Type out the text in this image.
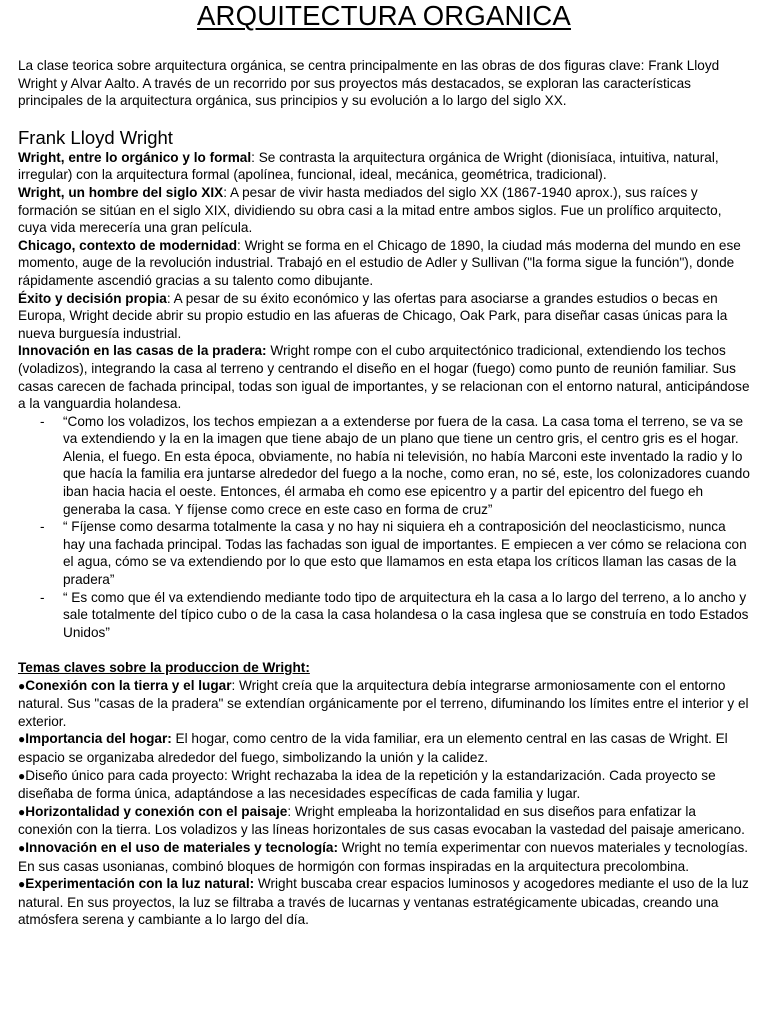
ARQUITECTURA ORGANICA

La clase teorica sobre arquitectura orgánica, se centra principalmente en las obras de dos figuras clave: Frank Lloyd Wright y Alvar Aalto. A través de un recorrido por sus proyectos más destacados, se exploran las características principales de la arquitectura orgánica, sus principios y su evolución a lo largo del siglo XX.

Frank Lloyd Wright

Wright, entre lo orgánico y lo formal: Se contrasta la arquitectura orgánica de Wright (dionisíaca, intuitiva, natural, irregular) con la arquitectura formal (apolínea, funcional, ideal, mecánica, geométrica, tradicional).

Wright, un hombre del siglo XIX: A pesar de vivir hasta mediados del siglo XX (1867-1940 aprox.), sus raíces y formación se sitúan en el siglo XIX, dividiendo su obra casi a la mitad entre ambos siglos. Fue un prolífico arquitecto, cuya vida merecería una gran película.

Chicago, contexto de modernidad: Wright se forma en el Chicago de 1890, la ciudad más moderna del mundo en ese momento, auge de la revolución industrial. Trabajó en el estudio de Adler y Sullivan ("la forma sigue la función"), donde rápidamente ascendió gracias a su talento como dibujante.

Éxito y decisión propia: A pesar de su éxito económico y las ofertas para asociarse a grandes estudios o becas en Europa, Wright decide abrir su propio estudio en las afueras de Chicago, Oak Park, para diseñar casas únicas para la nueva burguesía industrial.

Innovación en las casas de la pradera: Wright rompe con el cubo arquitectónico tradicional, extendiendo los techos (voladizos), integrando la casa al terreno y centrando el diseño en el hogar (fuego) como punto de reunión familiar. Sus casas carecen de fachada principal, todas son igual de importantes, y se relacionan con el entorno natural, anticipándose a la vanguardia holandesa.

- “Como los voladizos, los techos empiezan a a extenderse por fuera de la casa. La casa toma el terreno, se va se va extendiendo y la en la imagen que tiene abajo de un plano que tiene un centro gris, el centro gris es el hogar. Alenia, el fuego. En esta época, obviamente, no había ni televisión, no había Marconi este inventado la radio y lo que hacía la familia era juntarse alrededor del fuego a la noche, como eran, no sé, este, los colonizadores cuando iban hacia hacia el oeste. Entonces, él armaba eh como ese epicentro y a partir del epicentro del fuego eh generaba la casa. Y fíjense como crece en este caso en forma de cruz”
- “ Fíjense como desarma totalmente la casa y no hay ni siquiera eh a contraposición del neoclasticismo, nunca hay una fachada principal. Todas las fachadas son igual de importantes. E empiecen a ver cómo se relaciona con el agua, cómo se va extendiendo por lo que esto que llamamos en esta etapa los críticos llaman las casas de la pradera”
- “ Es como que él va extendiendo mediante todo tipo de arquitectura eh la casa a lo largo del terreno, a lo ancho y sale totalmente del típico cubo o de la casa la casa holandesa o la casa inglesa que se construía en todo Estados Unidos”

Temas claves sobre la produccion de Wright:

●Conexión con la tierra y el lugar: Wright creía que la arquitectura debía integrarse armoniosamente con el entorno natural. Sus "casas de la pradera" se extendían orgánicamente por el terreno, difuminando los límites entre el interior y el exterior.

●Importancia del hogar: El hogar, como centro de la vida familiar, era un elemento central en las casas de Wright. El espacio se organizaba alrededor del fuego, simbolizando la unión y la calidez.

●Diseño único para cada proyecto: Wright rechazaba la idea de la repetición y la estandarización. Cada proyecto se diseñaba de forma única, adaptándose a las necesidades específicas de cada familia y lugar.

●Horizontalidad y conexión con el paisaje: Wright empleaba la horizontalidad en sus diseños para enfatizar la conexión con la tierra. Los voladizos y las líneas horizontales de sus casas evocaban la vastedad del paisaje americano.

●Innovación en el uso de materiales y tecnología: Wright no temía experimentar con nuevos materiales y tecnologías. En sus casas usonianas, combinó bloques de hormigón con formas inspiradas en la arquitectura precolombina.

●Experimentación con la luz natural: Wright buscaba crear espacios luminosos y acogedores mediante el uso de la luz natural. En sus proyectos, la luz se filtraba a través de lucarnas y ventanas estratégicamente ubicadas, creando una atmósfera serena y cambiante a lo largo del día.
